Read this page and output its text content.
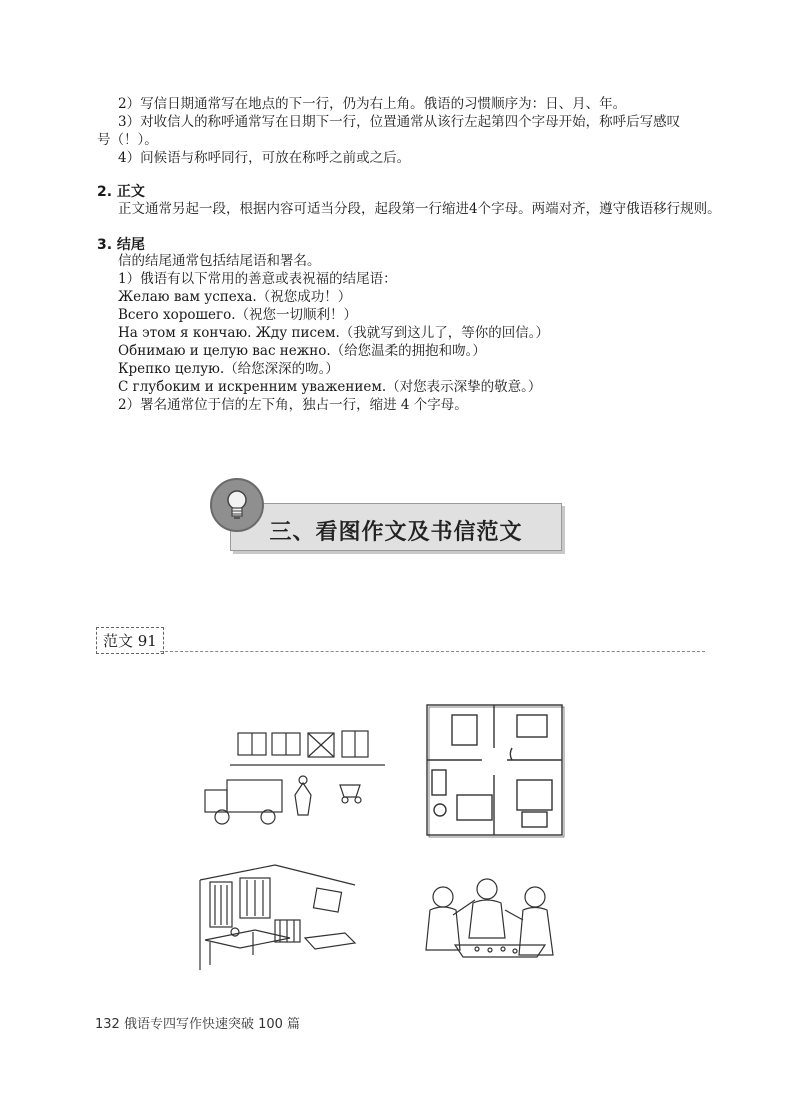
2）写信日期通常写在地点的下一行，仍为右上角。俄语的习惯顺序为：日、月、年。
3）对收信人的称呼通常写在日期下一行，位置通常从该行左起第四个字母开始，称呼后写感叹
号（！）。
4）问候语与称呼同行，可放在称呼之前或之后。
2. 正文
正文通常另起一段，根据内容可适当分段，起段第一行缩进4个字母。两端对齐，遵守俄语移行规则。
3. 结尾
信的结尾通常包括结尾语和署名。
1）俄语有以下常用的善意或表祝福的结尾语：
Желаю вам успеха.（祝您成功！）
Всего хорошего.（祝您一切顺利！）
На этом я кончаю. Жду писем.（我就写到这儿了，等你的回信。）
Обнимаю и целую вас нежно.（给您温柔的拥抱和吻。）
Крепко целую.（给您深深的吻。）
С глубоким и искренним уважением.（对您表示深挚的敬意。）
2）署名通常位于信的左下角，独占一行，缩进 4 个字母。
三、看图作文及书信范文
范文 91
132 俄语专四写作快速突破 100 篇
